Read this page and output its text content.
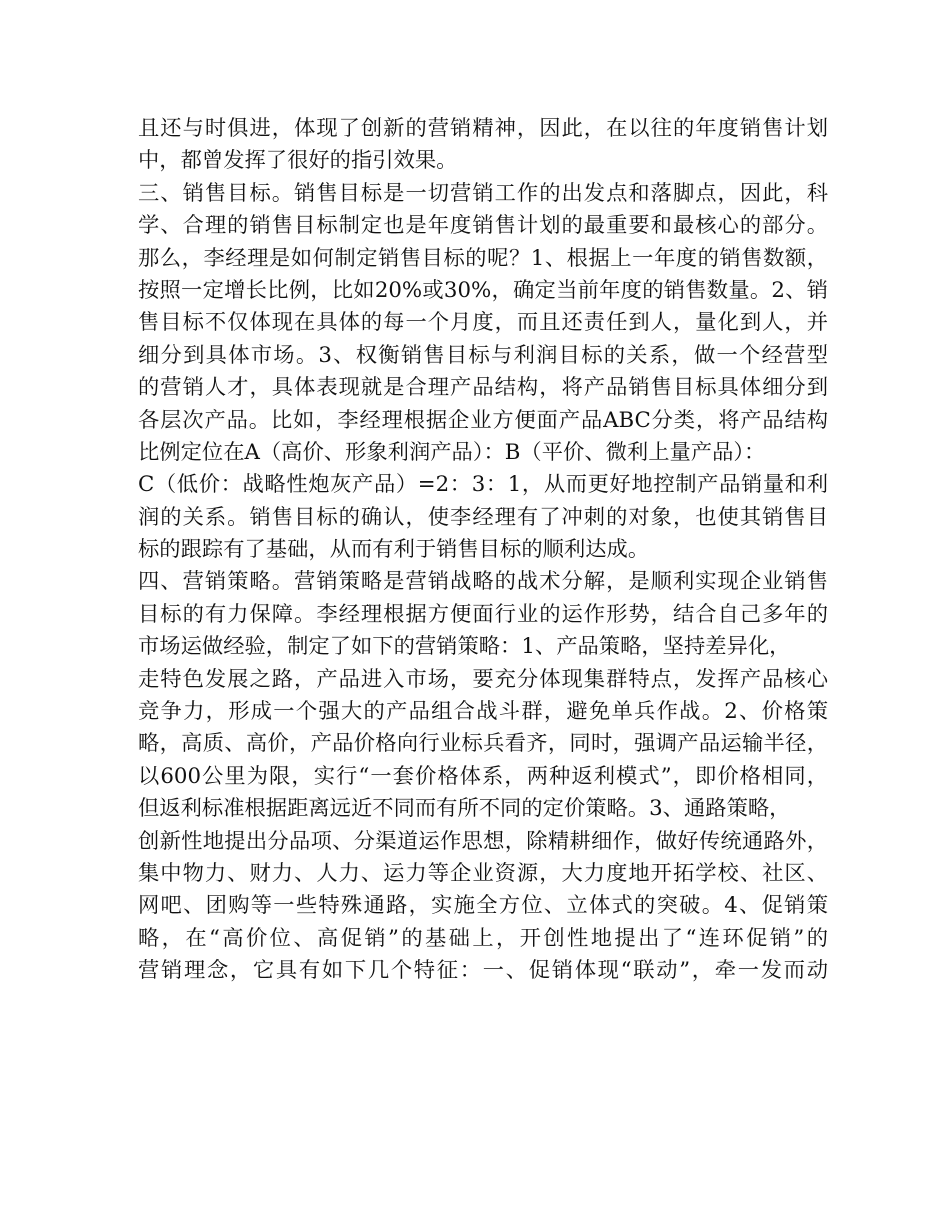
且还与时俱进，体现了创新的营销精神，因此，在以往的年度销售计划
中，都曾发挥了很好的指引效果。
三、销售目标。销售目标是一切营销工作的出发点和落脚点，因此，科
学、合理的销售目标制定也是年度销售计划的最重要和最核心的部分。
那么，李经理是如何制定销售目标的呢？1、根据上一年度的销售数额，
按照一定增长比例，比如20%或30%，确定当前年度的销售数量。2、销
售目标不仅体现在具体的每一个月度，而且还责任到人，量化到人，并
细分到具体市场。3、权衡销售目标与利润目标的关系，做一个经营型
的营销人才，具体表现就是合理产品结构，将产品销售目标具体细分到
各层次产品。比如，李经理根据企业方便面产品ABC分类，将产品结构
比例定位在A（高价、形象利润产品）：B（平价、微利上量产品）：
C（低价：战略性炮灰产品）=2：3：1，从而更好地控制产品销量和利
润的关系。销售目标的确认，使李经理有了冲刺的对象，也使其销售目
标的跟踪有了基础，从而有利于销售目标的顺利达成。
四、营销策略。营销策略是营销战略的战术分解，是顺利实现企业销售
目标的有力保障。李经理根据方便面行业的运作形势，结合自己多年的
市场运做经验，制定了如下的营销策略：1、产品策略，坚持差异化，
走特色发展之路，产品进入市场，要充分体现集群特点，发挥产品核心
竞争力，形成一个强大的产品组合战斗群，避免单兵作战。2、价格策
略，高质、高价，产品价格向行业标兵看齐，同时，强调产品运输半径，
以600公里为限，实行“一套价格体系，两种返利模式”，即价格相同，
但返利标准根据距离远近不同而有所不同的定价策略。3、通路策略，
创新性地提出分品项、分渠道运作思想，除精耕细作，做好传统通路外，
集中物力、财力、人力、运力等企业资源，大力度地开拓学校、社区、
网吧、团购等一些特殊通路，实施全方位、立体式的突破。4、促销策
略，在“高价位、高促销”的基础上，开创性地提出了“连环促销”的
营销理念，它具有如下几个特征：一、促销体现“联动”，牵一发而动
